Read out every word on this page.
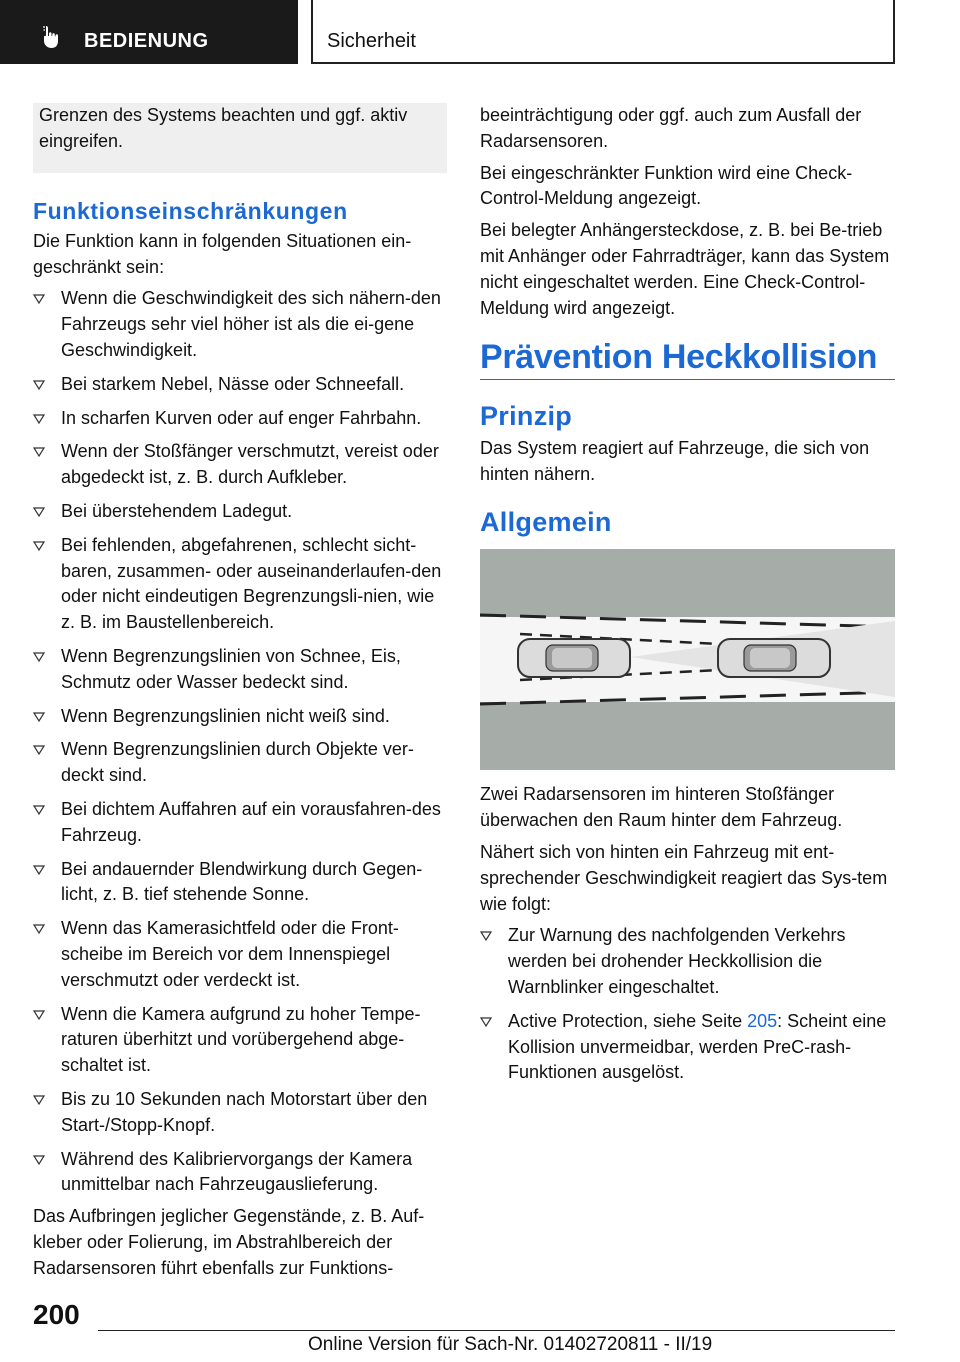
BEDIENUNG	Sicherheit

Grenzen des Systems beachten und ggf. aktiv eingreifen.

Funktionseinschränkungen

Die Funktion kann in folgenden Situationen ein-geschränkt sein:

Wenn die Geschwindigkeit des sich nähern-den Fahrzeugs sehr viel höher ist als die ei-gene Geschwindigkeit.
Bei starkem Nebel, Nässe oder Schneefall.
In scharfen Kurven oder auf enger Fahrbahn.
Wenn der Stoßfänger verschmutzt, vereist oder abgedeckt ist, z. B. durch Aufkleber.
Bei überstehendem Ladegut.
Bei fehlenden, abgefahrenen, schlecht sicht-baren, zusammen- oder auseinanderlaufen-den oder nicht eindeutigen Begrenzungsli-nien, wie z. B. im Baustellenbereich.
Wenn Begrenzungslinien von Schnee, Eis, Schmutz oder Wasser bedeckt sind.
Wenn Begrenzungslinien nicht weiß sind.
Wenn Begrenzungslinien durch Objekte ver-deckt sind.
Bei dichtem Auffahren auf ein vorausfahren-des Fahrzeug.
Bei andauernder Blendwirkung durch Gegen-licht, z. B. tief stehende Sonne.
Wenn das Kamerasichtfeld oder die Front-scheibe im Bereich vor dem Innenspiegel verschmutzt oder verdeckt ist.
Wenn die Kamera aufgrund zu hoher Tempe-raturen überhitzt und vorübergehend abge-schaltet ist.
Bis zu 10 Sekunden nach Motorstart über den Start-/Stopp-Knopf.
Während des Kalibriervorgangs der Kamera unmittelbar nach Fahrzeugauslieferung.

Das Aufbringen jeglicher Gegenstände, z. B. Auf-kleber oder Folierung, im Abstrahlbereich der Radarsensoren führt ebenfalls zur Funktions-

beeinträchtigung oder ggf. auch zum Ausfall der Radarsensoren.

Bei eingeschränkter Funktion wird eine Check-Control-Meldung angezeigt.

Bei belegter Anhängersteckdose, z. B. bei Be-trieb mit Anhänger oder Fahrradträger, kann das System nicht eingeschaltet werden. Eine Check-Control-Meldung wird angezeigt.

Prävention Heckkollision
Prinzip

Das System reagiert auf Fahrzeuge, die sich von hinten nähern.

Allgemein

Zwei Radarsensoren im hinteren Stoßfänger überwachen den Raum hinter dem Fahrzeug.

Nähert sich von hinten ein Fahrzeug mit ent-sprechender Geschwindigkeit reagiert das Sys-tem wie folgt:

Zur Warnung des nachfolgenden Verkehrs werden bei drohender Heckkollision die Warnblinker eingeschaltet.
Active Protection, siehe Seite 205: Scheint eine Kollision unvermeidbar, werden PreC-rash-Funktionen ausgelöst.
200
Online Version für Sach-Nr. 01402720811 - II/19
